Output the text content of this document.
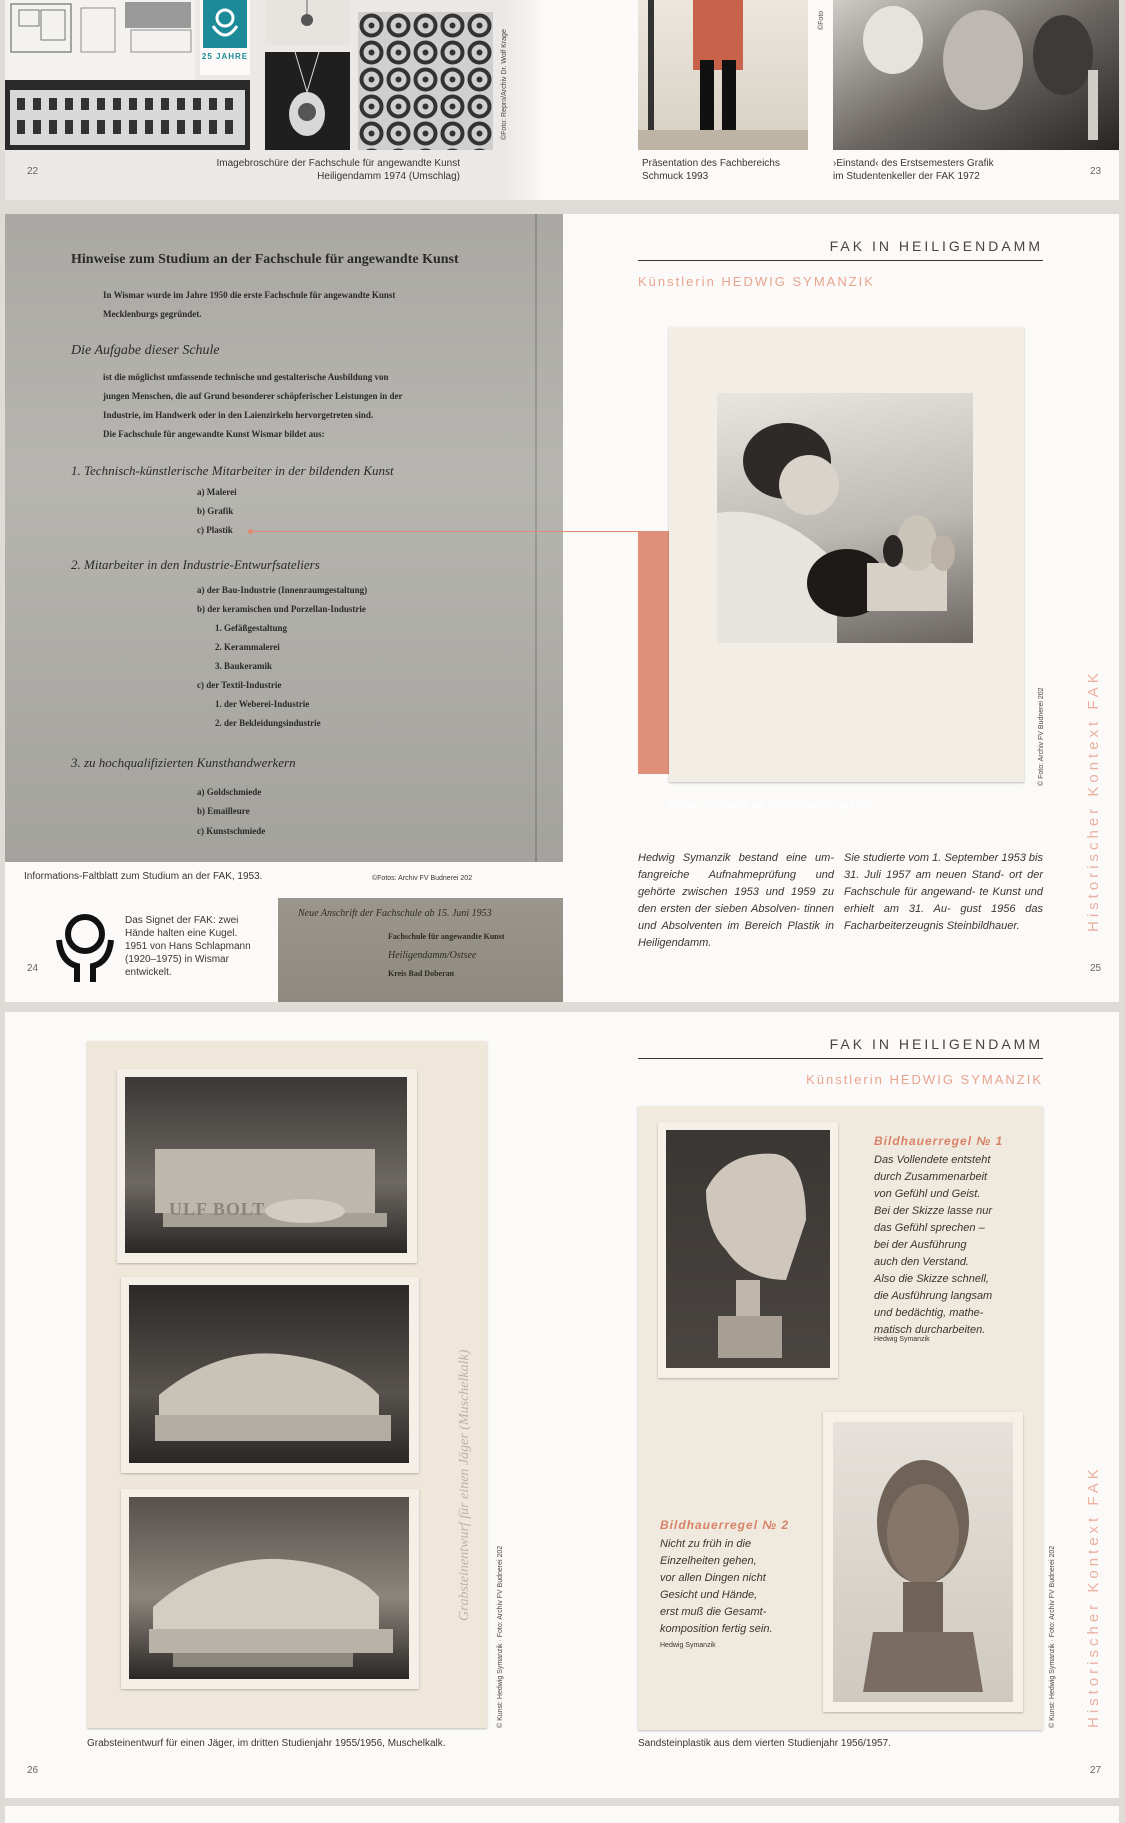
25 JAHRE	©Foto: Repro/Archiv Dr. Wolf Krage
22
Imagebroschüre der Fachschule für angewandte Kunst
Heiligendamm 1974 (Umschlag)
©Foto
Präsentation des Fachbereichs
Schmuck 1993
›Einstand‹ des Erstsemesters Grafik
im Studentenkeller der FAK 1972	23
Hinweise zum Studium an der Fachschule für angewandte Kunst
In Wismar wurde im Jahre 1950 die erste Fachschule für angewandte Kunst
Mecklenburgs gegründet.
Die Aufgabe dieser Schule
ist die möglichst umfassende technische und gestalterische Ausbildung von
jungen Menschen, die auf Grund besonderer schöpferischer Leistungen in der
Industrie, im Handwerk oder in den Laienzirkeln hervorgetreten sind.
Die Fachschule für angewandte Kunst Wismar bildet aus:
1. Technisch-künstlerische Mitarbeiter in der bildenden Kunst
a) Malerei
b) Grafik
c) Plastik
2. Mitarbeiter in den Industrie-Entwurfsateliers
a) der Bau-Industrie (Innenraumgestaltung)
b) der keramischen und Porzellan-Industrie
1. Gefäßgestaltung
2. Kerammalerei
3. Baukeramik
c) der Textil-Industrie
1. der Weberei-Industrie
2. der Bekleidungsindustrie
3. zu hochqualifizierten Kunsthandwerkern
a) Goldschmiede
b) Emailleure
c) Kunstschmiede
Informations-Faltblatt zum Studium an der FAK, 1953.	©Fotos: Archiv FV Budnerei 202
Das Signet der FAK: zwei
Hände halten eine Kugel.
1951 von Hans Schlapmann
(1920–1975) in Wismar
entwickelt.
24
Neue Anschrift der Fachschule ab 15. Juni 1953
Fachschule für angewandte Kunst
Heiligendamm/Ostsee
Kreis Bad Doberan
FAK IN HEILIGENDAMM
Künstlerin HEDWIG SYMANZIK
Hedwig Symanzik zur Aufnahmeprüfung 1953
© Foto: Archiv FV Budnerei 202	Historischer Kontext FAK
Hedwig Symanzik bestand eine um- fangreiche Aufnahmeprüfung und gehörte zwischen 1953 und 1959 zu den ersten der sieben Absolven- tinnen und Absolventen im Bereich Plastik in Heiligendamm.
Sie studierte vom 1. September 1953 bis 31. Juli 1957 am neuen Stand- ort der Fachschule für angewand- te Kunst und erhielt am 31. Au- gust 1956 das Facharbeiterzeugnis Steinbildhauer.
25
ULF BOLT
Grabsteinentwurf für einen Jäger (Muschelkalk)
© Kunst: Hedwig Symanzik · Foto: Archiv FV Budnerei 202
Grabsteinentwurf für einen Jäger, im dritten Studienjahr 1955/1956, Muschelkalk.
26
FAK IN HEILIGENDAMM
Künstlerin HEDWIG SYMANZIK
Bildhauerregel № 1
Das Vollendete entsteht
durch Zusammenarbeit
von Gefühl und Geist.
Bei der Skizze lasse nur
das Gefühl sprechen –
bei der Ausführung
auch den Verstand.
Also die Skizze schnell,
die Ausführung langsam
und bedächtig, mathe-
matisch durcharbeiten.
Hedwig Symanzik
Bildhauerregel № 2
Nicht zu früh in die
Einzelheiten gehen,
vor allen Dingen nicht
Gesicht und Hände,
erst muß die Gesamt-
komposition fertig sein.
Hedwig Symanzik	© Kunst: Hedwig Symanzik · Foto: Archiv FV Budnerei 202 Historischer Kontext FAK
Sandsteinplastik aus dem vierten Studienjahr 1956/1957.
27
